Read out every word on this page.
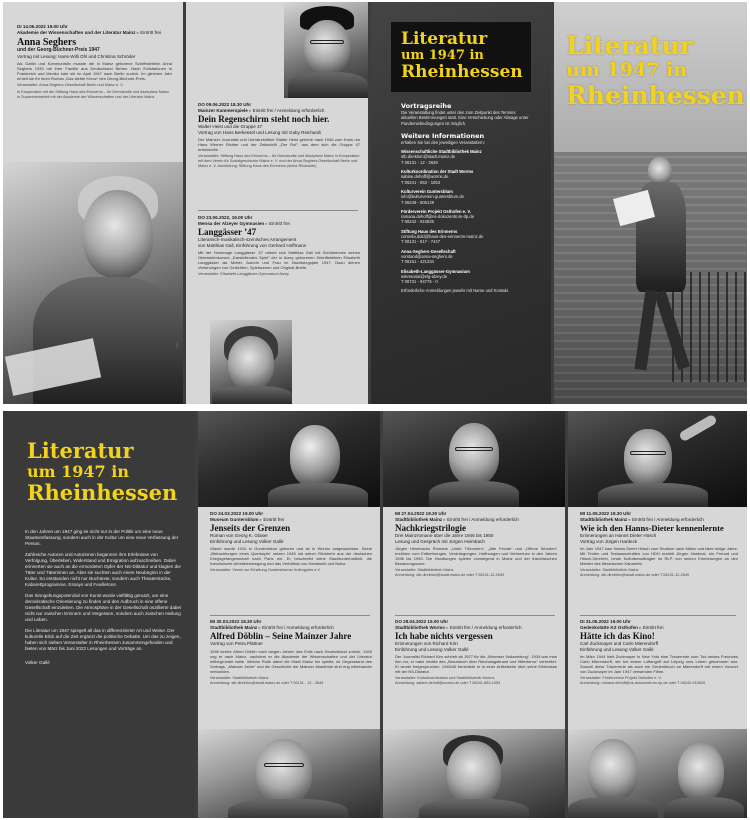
DI 14.06.2022 19.00 Uhr
Akademie der Wissenschaften und der Literatur Mainz ▸ Eintritt frei
Anna Seghers
und der Georg-Büchner-Preis 1947
Vortrag mit Lesung: Hans-Willi Ohl und Christina Schröder
Als Gattin und Kommunistin musste die in Mainz geborene Schriftstellerin Anna Seghers 1933 mit ihrer Familie aus Deutschland fliehen. Nach Exilstationen in Frankreich und Mexiko kam sie im April 1947 nach Berlin zurück. Im gleichen Jahr erhielt sie für ihren Roman „Das siebte Kreuz“ den Georg-Büchner-Preis.
Veranstalter: Anna-Seghers-Gesellschaft Berlin und Mainz e. V.
In Kooperation mit der Stiftung Haus des Erinnerns – für Demokratie und Akzeptanz Mainz in Zusammenarbeit mit der Akademie der Wissenschaften und der Literatur Mainz
Foto
DO 09.06.2022 18.30 Uhr
Mainzer Kammerspiele ▸ Eintritt frei / Anmeldung erforderlich
Dein Regenschirm steht noch hier.
Walter Heist und die Gruppe 47
Vortrag von Hans Berkessel und Lesung mit Gaby Reichardt
Der Mainzer Journalist und Literaturkritiker Walter Heist gehörte nach 1945 zum Kreis um Hans Werner Richter und der Zeitschrift „Der Ruf“, aus dem sich die Gruppe 47 entwickelte.
Veranstalter: Stiftung Haus des Erinnerns – für Demokratie und Akzeptanz Mainz in Kooperation mit dem Verein für Sozialgeschichte Mainz e. V. und der Anna-Seghers-Gesellschaft Berlin und Mainz e. V. Anmeldung: Stiftung Haus des Erinnerns (siehe Rückseite)
DO 23.06.2022, 19.00 Uhr
Mensa der Alzeyer Gymnasien ▸ Eintritt frei
Langgässer ’47
Literarisch-musikalisch-szenisches Arrangement
von Matthias Gall, Einführung von Gerhard Hoffmann
Mit der Hommage Langgässer ’47 nähert sich Matthias Gall mit Schülerinnen seines Oberstufenkurses „Darstellendes Spiel“ der in Alzey geborenen Schriftstellerin Elisabeth Langgässer als Mutter, Autorin und Frau im Nachkriegsjahr 1947. Dazu dienen Vertonungen von Gedichten, Spielszenen und Original-Briefe.
Veranstalter: Elisabeth-Langgässer-Gymnasium Alzey
Literatur
um 1947 in
Rheinhessen

Vortragsreihe

Die Veranstaltung findet unter den zum Zeitpunkt des Termins aktuellen Bestimmungen statt. Eine Verschiebung oder Absage unter Pandemiebedingungen ist möglich.

Weitere Informationen

erhalten Sie bei den jeweiligen Veranstaltern:

Wissenschaftliche Stadtbibliothek Mainz

stb.direktion@stadt.mainz.de

T 06131 - 12 - 2649

Kulturkoordination der Stadt Worms

sabine.dehoff@worms.de

T 06241 - 853 - 1053

Kulturverein Guntersblum

info@kulturverein-guntersblum.de

T 06249 - 805128

Förderverein Projekt Osthofen e. V.

ramana.dehoff@ns-dokuzentrum-rlp.de

T 06242 - 910825

Stiftung Haus des Erinnerns

cornelia.dold@haus-des-erinnerns-mainz.de

T 06131 - 617 - 7447

Anna-Seghers-Gesellschaft

vorstand@anna-seghers.de

T 06151 - 421334

Elisabeth-Langgässer-Gymnasium

sekretariat@elg-alzey.de

T 06731 - 94775 - 0

Erforderliche Anmeldungen jeweils mit Name und Kontakt.

Literatur
um 1947 in
Rheinhessen
Literatur
um 1947 in
Rheinhessen

In den Jahren um 1947 ging es nicht nur in der Politik um eine neue Staatsverfassung, sondern auch in der Kultur um eine neue Verfassung der Person.

Zahlreiche Autoren und Autorinnen begannen ihre Erlebnisse von Verfolgung, Überleben, Widerstand und Emigration aufzuschreiben. Dabei erinnerten sie auch an die ermordeten Opfer der NS-Diktatur und klagten die Täter und Täterinnen an. Aber sie suchten auch einen Neubeginn in der Kultur. So entstanden nicht nur Buchtexte, sondern auch Theaterstücke, Kabarettprogramme, Essays und Feuilletons.

Das Sinngebungspotenzial von Kunst wurde vielfältig genutzt, um eine demokratische Orientierung zu finden und den Aufbruch in eine offene Gesellschaft einzuleiten. Die Atmosphäre in der Gesellschaft oszillierte dabei nicht nur zwischen Erinnern und Vergessen, sondern auch zwischen Heilung und Leben.

Die Literatur um 1947 spiegelt all das in differenzierter Art und Weise. Der kulturelle Blick auf die Zeit ergänzt die politische Debatte. Um das zu zeigen, haben sich sieben Veranstalter in Rheinhessen zusammengefunden und bieten von März bis Juni 2022 Lesungen und Vorträge an.

Volker Gallé

DO 24.03.2022 19.00 Uhr
Museum Guntersblum ▸ Eintritt frei
Jenseits der Grenzen
Roman von Georg K. Glaser
Einführung und Lesung Volker Gallé
Glaser wurde 1910 in Guntersblum geboren und ist in Worms aufgewachsen. Seine „Betrachtungen eines Querkopfs“ setzen 1945 mit seiner Rückkehr aus der deutschen Kriegsgefangenschaft nach Paris ein. Er beschreibt seine Machtunterhaltkeit, die französische Arbeiterbewegung und das Verhältnis von Handwerk und Natur.
Veranstalter: Verein zur Erhaltung Guntersblumer Kulturgutes e.V.
MI 30.03.2022 18.30 Uhr
Stadtbibliothek Mainz ▸ Eintritt frei / Anmeldung erforderlich
Alfred Döblin – Seine Mainzer Jahre
Vortrag von Petra Plättner
1946 kehrte Alfred Döblin nach langen Jahren des Exils nach Deutschland zurück. 1949 zog er nach Mainz, nachdem er die Akademie der Wissenschaften und der Literatur mitbegründet hatte. Welche Rolle dabei die Stadt Mainz ihn spielte, ist Gegenstand des Vortrags. „Mainzer Jahre“ und die Geschichte der Mainzer Akademie sind eng miteinander verbunden.
Veranstalter: Stadtbibliothek Mainz
Anmeldung: stb.direktion@stadt.mainz.de oder T 06131 - 12 - 2649
MI 27.04.2022 18.30 Uhr
Stadtbibliothek Mainz ▸ Eintritt frei / Anmeldung erforderlich
Nachkriegstrilogie
Drei Mainzromane über die Jahre 1946 bis 1950
Lesung und Gespräch mit Jürgen Heimbach
Jürgen Heimbachs Romane „Unter Trümmern“, „Alte Feinde“ und „Offene Wunden“ erzählen vom Entbehrungen, Verdrängungen, Hoffnungen und Verbrechen in den Jahren 1946 bis 1950. Die Handlungen spielen vorwiegend in Mainz und der französischen Besatzungszone.
Veranstalter: Stadtbibliothek Mainz
Anmeldung: stb.direktion@stadt.mainz.de oder T 06131-12-2649
DO 28.04.2022 19.00 Uhr
Stadtbibliothek Worms ▸ Eintritt frei / Anmeldung erforderlich
Ich habe nichts vergessen
Erinnerungen von Richard Kirn
Einführung und Lesung Volker Gallé
Der Journalist Richard Kirn schrieb ab 1927 für die „Wormser Volkszeitung“. 1934 war man ihm vor, er habe Inhalte des „Braunbuch über Reichstagsbrand und Hitlerterror“ verbreitet. Er wurde freigesprochen. 1945/46 berichtete er in einer Artikelserie über seine Erlebnisse mit der NS-Diktatur.
Veranstalter: Kulturkoordination und Stadtbibliothek Worms
Anmeldung: sabine.dehoff@worms.de oder T 06241-853-1053
MI 11.05.2022 18.30 Uhr
Stadtbibliothek Mainz ▸ Eintritt frei / Anmeldung erforderlich
Wie ich den Hanns-Dieter kennenlernte
Erinnerungen an Hanns Dieter Hüsch
Vortrag von Jürgen Hardeck
Im Jahr 1947 kam Hanns Dieter Hüsch zum Studium nach Mainz und blieb einige Jahre. Mit Texten und Textausschnitten von HDH erzählt Jürgen Hardeck, ein Freund und Hüsch-Verehrer, heute Kulturbeauftragter im RLP, von seinen Erinnerungen an den Meister des literarischen Kabaretts.
Veranstalter: Stadtbibliothek Mainz
Anmeldung: stb.direktion@stadt.mainz.de oder T 06131-12-2649
DI 31.05.2022 19.00 Uhr
Gedenkstätte KZ Osthofen ▸ Eintritt frei
Hätte ich das Kino!
Carl Zuckmayer und Carlo Mierendorff
Einführung und Lesung Volker Gallé
Im März 1944 hielt Zuckmayer in New York eine Trauerrede zum Tod seines Freundes Carlo Mierendorff, der bei einem Luftangriff auf Leipzig ums Leben gekommen war. Sowohl diese Trauerrede als auch ein Gedenkbuch an Mierendorff mit einem Vorwort von Zuckmayer im Jahr 1947 verwenden Filme.
Veranstalter: Förderverein Projekt Osthofen e. V.
Anmeldung: ramana.dehoff@ns-dokuzentrum-rlp.de oder T 06242-910825
